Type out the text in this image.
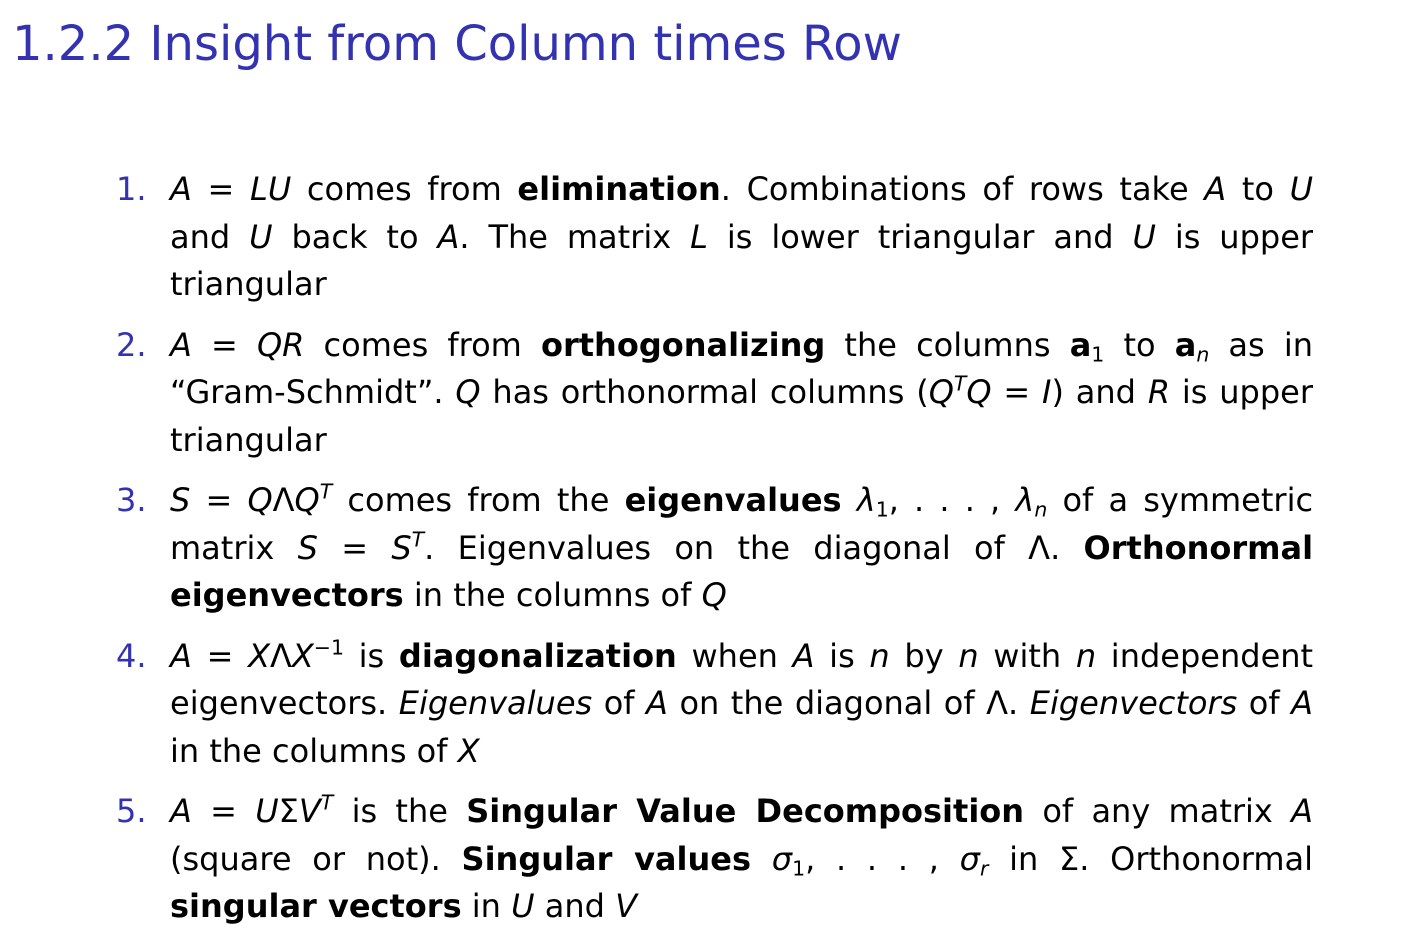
1.2.2 Insight from Column times Row
1. A = LU comes from elimination. Combinations of rows take A to U and U back to A. The matrix L is lower triangular and U is upper triangular
2. A = QR comes from orthogonalizing the columns $a_1$ to $a_n$ as in “Gram-Schmidt”. Q has orthonormal columns $(Q^TQ = I)$ and R is upper triangular
3. $S = Q\Lambda Q^T$ comes from the eigenvalues $\lambda_1$, . . . , $\lambda_n$ of a symmetric matrix $S = S^T$. Eigenvalues on the diagonal of Λ. Orthonormal eigenvectors in the columns of Q
4. $A = X\Lambda X^{-1}$ is diagonalization when A is n by n with n independent eigenvectors. Eigenvalues of A on the diagonal of Λ. Eigenvectors of A in the columns of X
5. $A = U\Sigma V^T$ is the Singular Value Decomposition of any matrix A (square or not). Singular values $\sigma_1$, . . . , $\sigma_r$ in Σ. Orthonormal singular vectors in U and V
